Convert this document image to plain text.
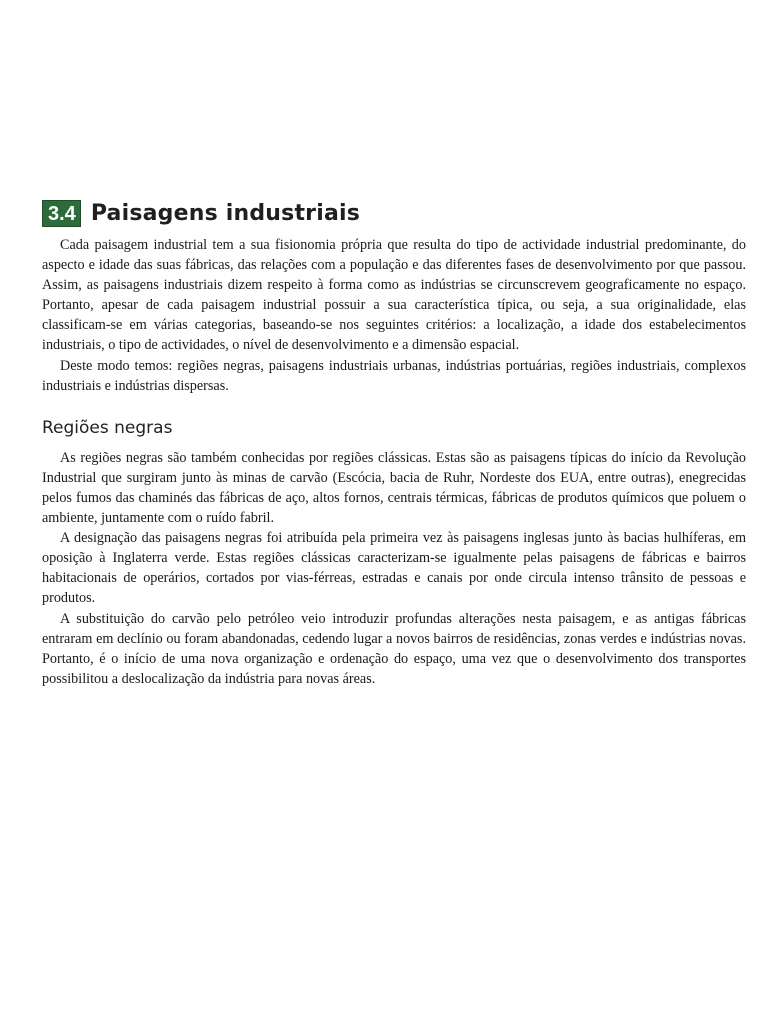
3.4 Paisagens industriais

Cada paisagem industrial tem a sua fisionomia própria que resulta do tipo de actividade industrial predominante, do aspecto e idade das suas fábricas, das relações com a população e das diferentes fases de desenvolvimento por que passou. Assim, as paisagens industriais dizem respeito à forma como as indústrias se circunscrevem geograficamente no espaço. Portanto, apesar de cada paisagem industrial possuir a sua característica típica, ou seja, a sua originalidade, elas classificam-se em várias categorias, baseando-se nos seguintes critérios: a localização, a idade dos estabelecimentos industriais, o tipo de actividades, o nível de desenvolvimento e a dimensão espacial.

Deste modo temos: regiões negras, paisagens industriais urbanas, indústrias portuárias, regiões industriais, complexos industriais e indústrias dispersas.

Regiões negras

As regiões negras são também conhecidas por regiões clássicas. Estas são as paisagens típicas do início da Revolução Industrial que surgiram junto às minas de carvão (Escócia, bacia de Ruhr, Nordeste dos EUA, entre outras), enegrecidas pelos fumos das chaminés das fábricas de aço, altos fornos, centrais térmicas, fábricas de produtos químicos que poluem o ambiente, juntamente com o ruído fabril.

A designação das paisagens negras foi atribuída pela primeira vez às paisagens inglesas junto às bacias hulhíferas, em oposição à Inglaterra verde. Estas regiões clássicas caracterizam-se igualmente pelas paisagens de fábricas e bairros habitacionais de operários, cortados por vias-férreas, estradas e canais por onde circula intenso trânsito de pessoas e produtos.

A substituição do carvão pelo petróleo veio introduzir profundas alterações nesta paisagem, e as antigas fábricas entraram em declínio ou foram abandonadas, cedendo lugar a novos bairros de residências, zonas verdes e indústrias novas. Portanto, é o início de uma nova organização e ordenação do espaço, uma vez que o desenvolvimento dos transportes possibilitou a deslocalização da indústria para novas áreas.
